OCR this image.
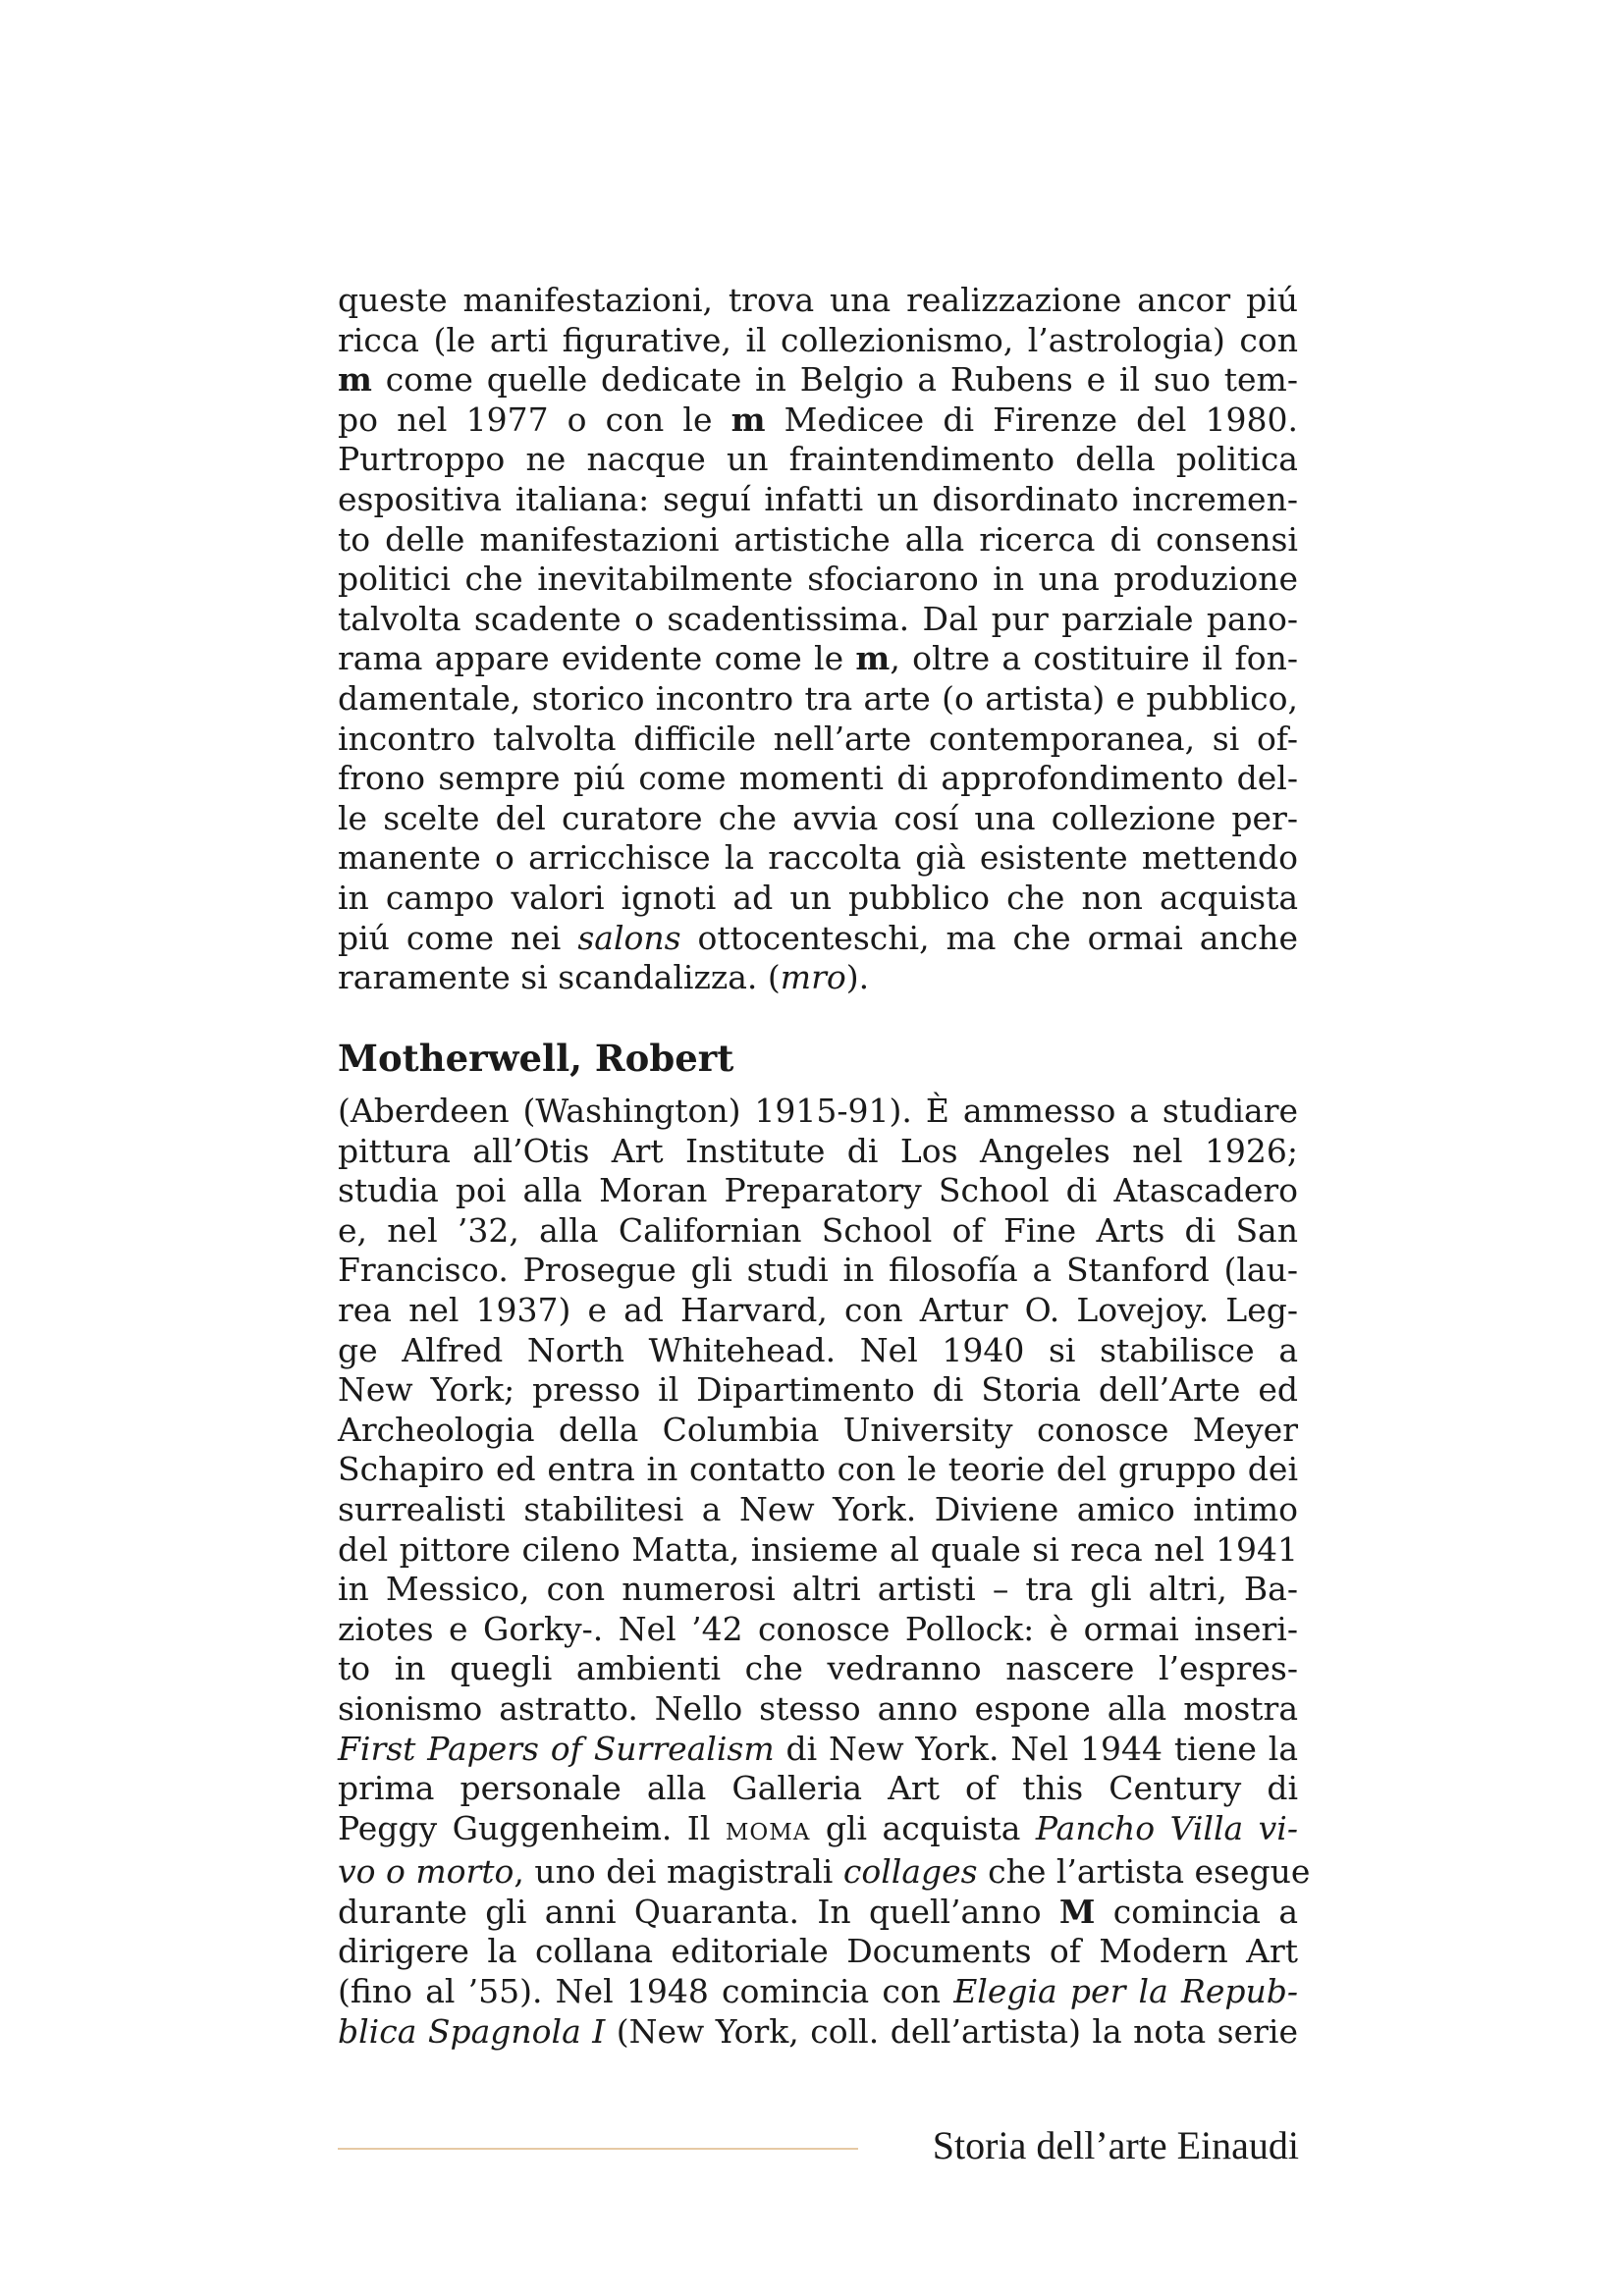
queste manifestazioni, trova una realizzazione ancor piú
ricca (le arti figurative, il collezionismo, l’astrologia) con
m come quelle dedicate in Belgio a Rubens e il suo tem-
po nel 1977 o con le m Medicee di Firenze del 1980.
Purtroppo ne nacque un fraintendimento della politica
espositiva italiana: seguí infatti un disordinato incremen-
to delle manifestazioni artistiche alla ricerca di consensi
politici che inevitabilmente sfociarono in una produzione
talvolta scadente o scadentissima. Dal pur parziale pano-
rama appare evidente come le m, oltre a costituire il fon-
damentale, storico incontro tra arte (o artista) e pubblico,
incontro talvolta difficile nell’arte contemporanea, si of-
frono sempre piú come momenti di approfondimento del-
le scelte del curatore che avvia cosí una collezione per-
manente o arricchisce la raccolta già esistente mettendo
in campo valori ignoti ad un pubblico che non acquista
piú come nei salons ottocenteschi, ma che ormai anche
raramente si scandalizza. (mro).
Motherwell, Robert
(Aberdeen (Washington) 1915-91). È ammesso a studiare
pittura all’Otis Art Institute di Los Angeles nel 1926;
studia poi alla Moran Preparatory School di Atascadero
e, nel ’32, alla Californian School of Fine Arts di San
Francisco. Prosegue gli studi in filosofía a Stanford (lau-
rea nel 1937) e ad Harvard, con Artur O. Lovejoy. Leg-
ge Alfred North Whitehead. Nel 1940 si stabilisce a
New York; presso il Dipartimento di Storia dell’Arte ed
Archeologia della Columbia University conosce Meyer
Schapiro ed entra in contatto con le teorie del gruppo dei
surrealisti stabilitesi a New York. Diviene amico intimo
del pittore cileno Matta, insieme al quale si reca nel 1941
in Messico, con numerosi altri artisti – tra gli altri, Ba-
ziotes e Gorky-. Nel ’42 conosce Pollock: è ormai inseri-
to in quegli ambienti che vedranno nascere l’espres-
sionismo astratto. Nello stesso anno espone alla mostra
First Papers of Surrealism di New York. Nel 1944 tiene la
prima personale alla Galleria Art of this Century di
Peggy Guggenheim. Il MOMA gli acquista Pancho Villa vi-
vo o morto, uno dei magistrali collages che l’artista esegue
durante gli anni Quaranta. In quell’anno M comincia a
dirigere la collana editoriale Documents of Modern Art
(fino al ’55). Nel 1948 comincia con Elegia per la Repub-
blica Spagnola I (New York, coll. dell’artista) la nota serie
Storia dell’arte Einaudi
